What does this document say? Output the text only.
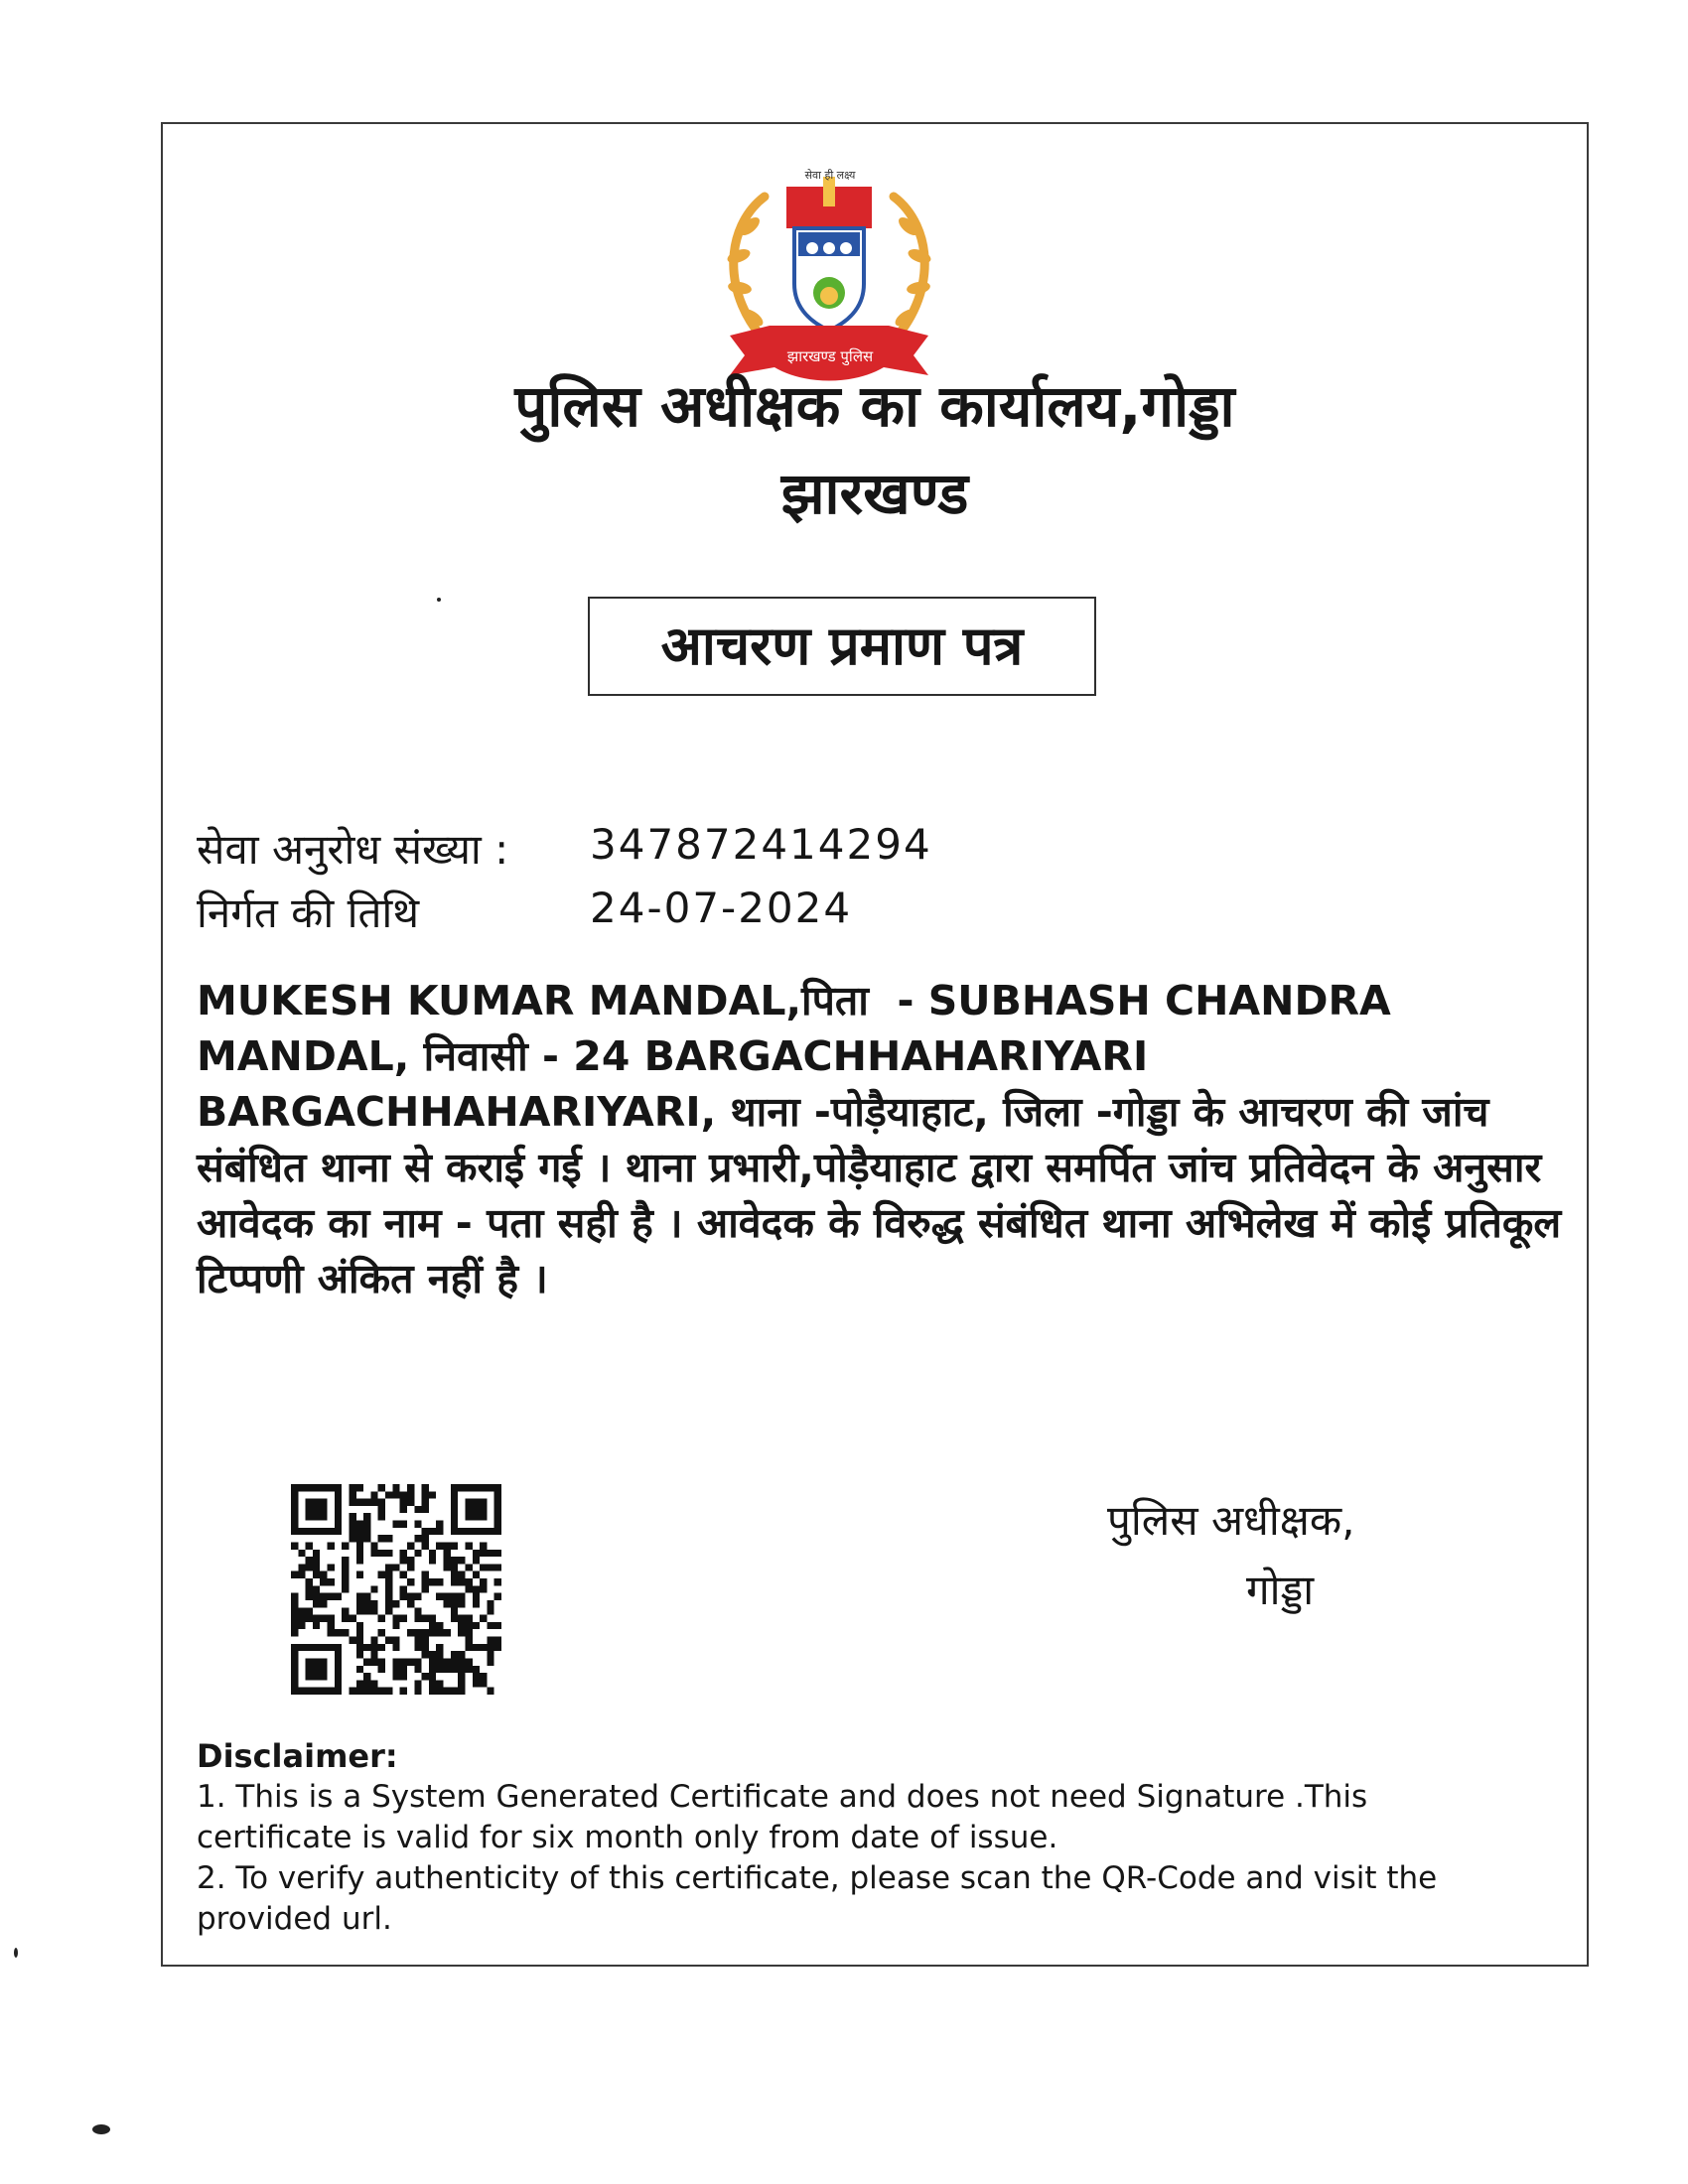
झारखण्ड पुलिस
सेवा ही लक्ष्य
पुलिस अधीक्षक का कार्यालय,गोड्डा
झारखण्ड
आचरण प्रमाण पत्र
सेवा अनुरोध संख्या : 347872414294
निर्गत की तिथि	24-07-2024
MUKESH KUMAR MANDAL,पिता - SUBHASH CHANDRA MANDAL, निवासी - 24 BARGACHHAHARIYARI BARGACHHAHARIYARI, थाना -पोड़ैयाहाट, जिला -गोड्डा के आचरण की जांच संबंधित थाना से कराई गई । थाना प्रभारी,पोड़ैयाहाट द्वारा समर्पित जांच प्रतिवेदन के अनुसार आवेदक का नाम - पता सही है । आवेदक के विरुद्ध संबंधित थाना अभिलेख में कोई प्रतिकूल टिप्पणी अंकित नहीं है ।
पुलिस अधीक्षक,
गोड्डा
Disclaimer:
1. This is a System Generated Certificate and does not need Signature .This certificate is valid for six month only from date of issue.
2. To verify authenticity of this certificate, please scan the QR-Code and visit the provided url.
